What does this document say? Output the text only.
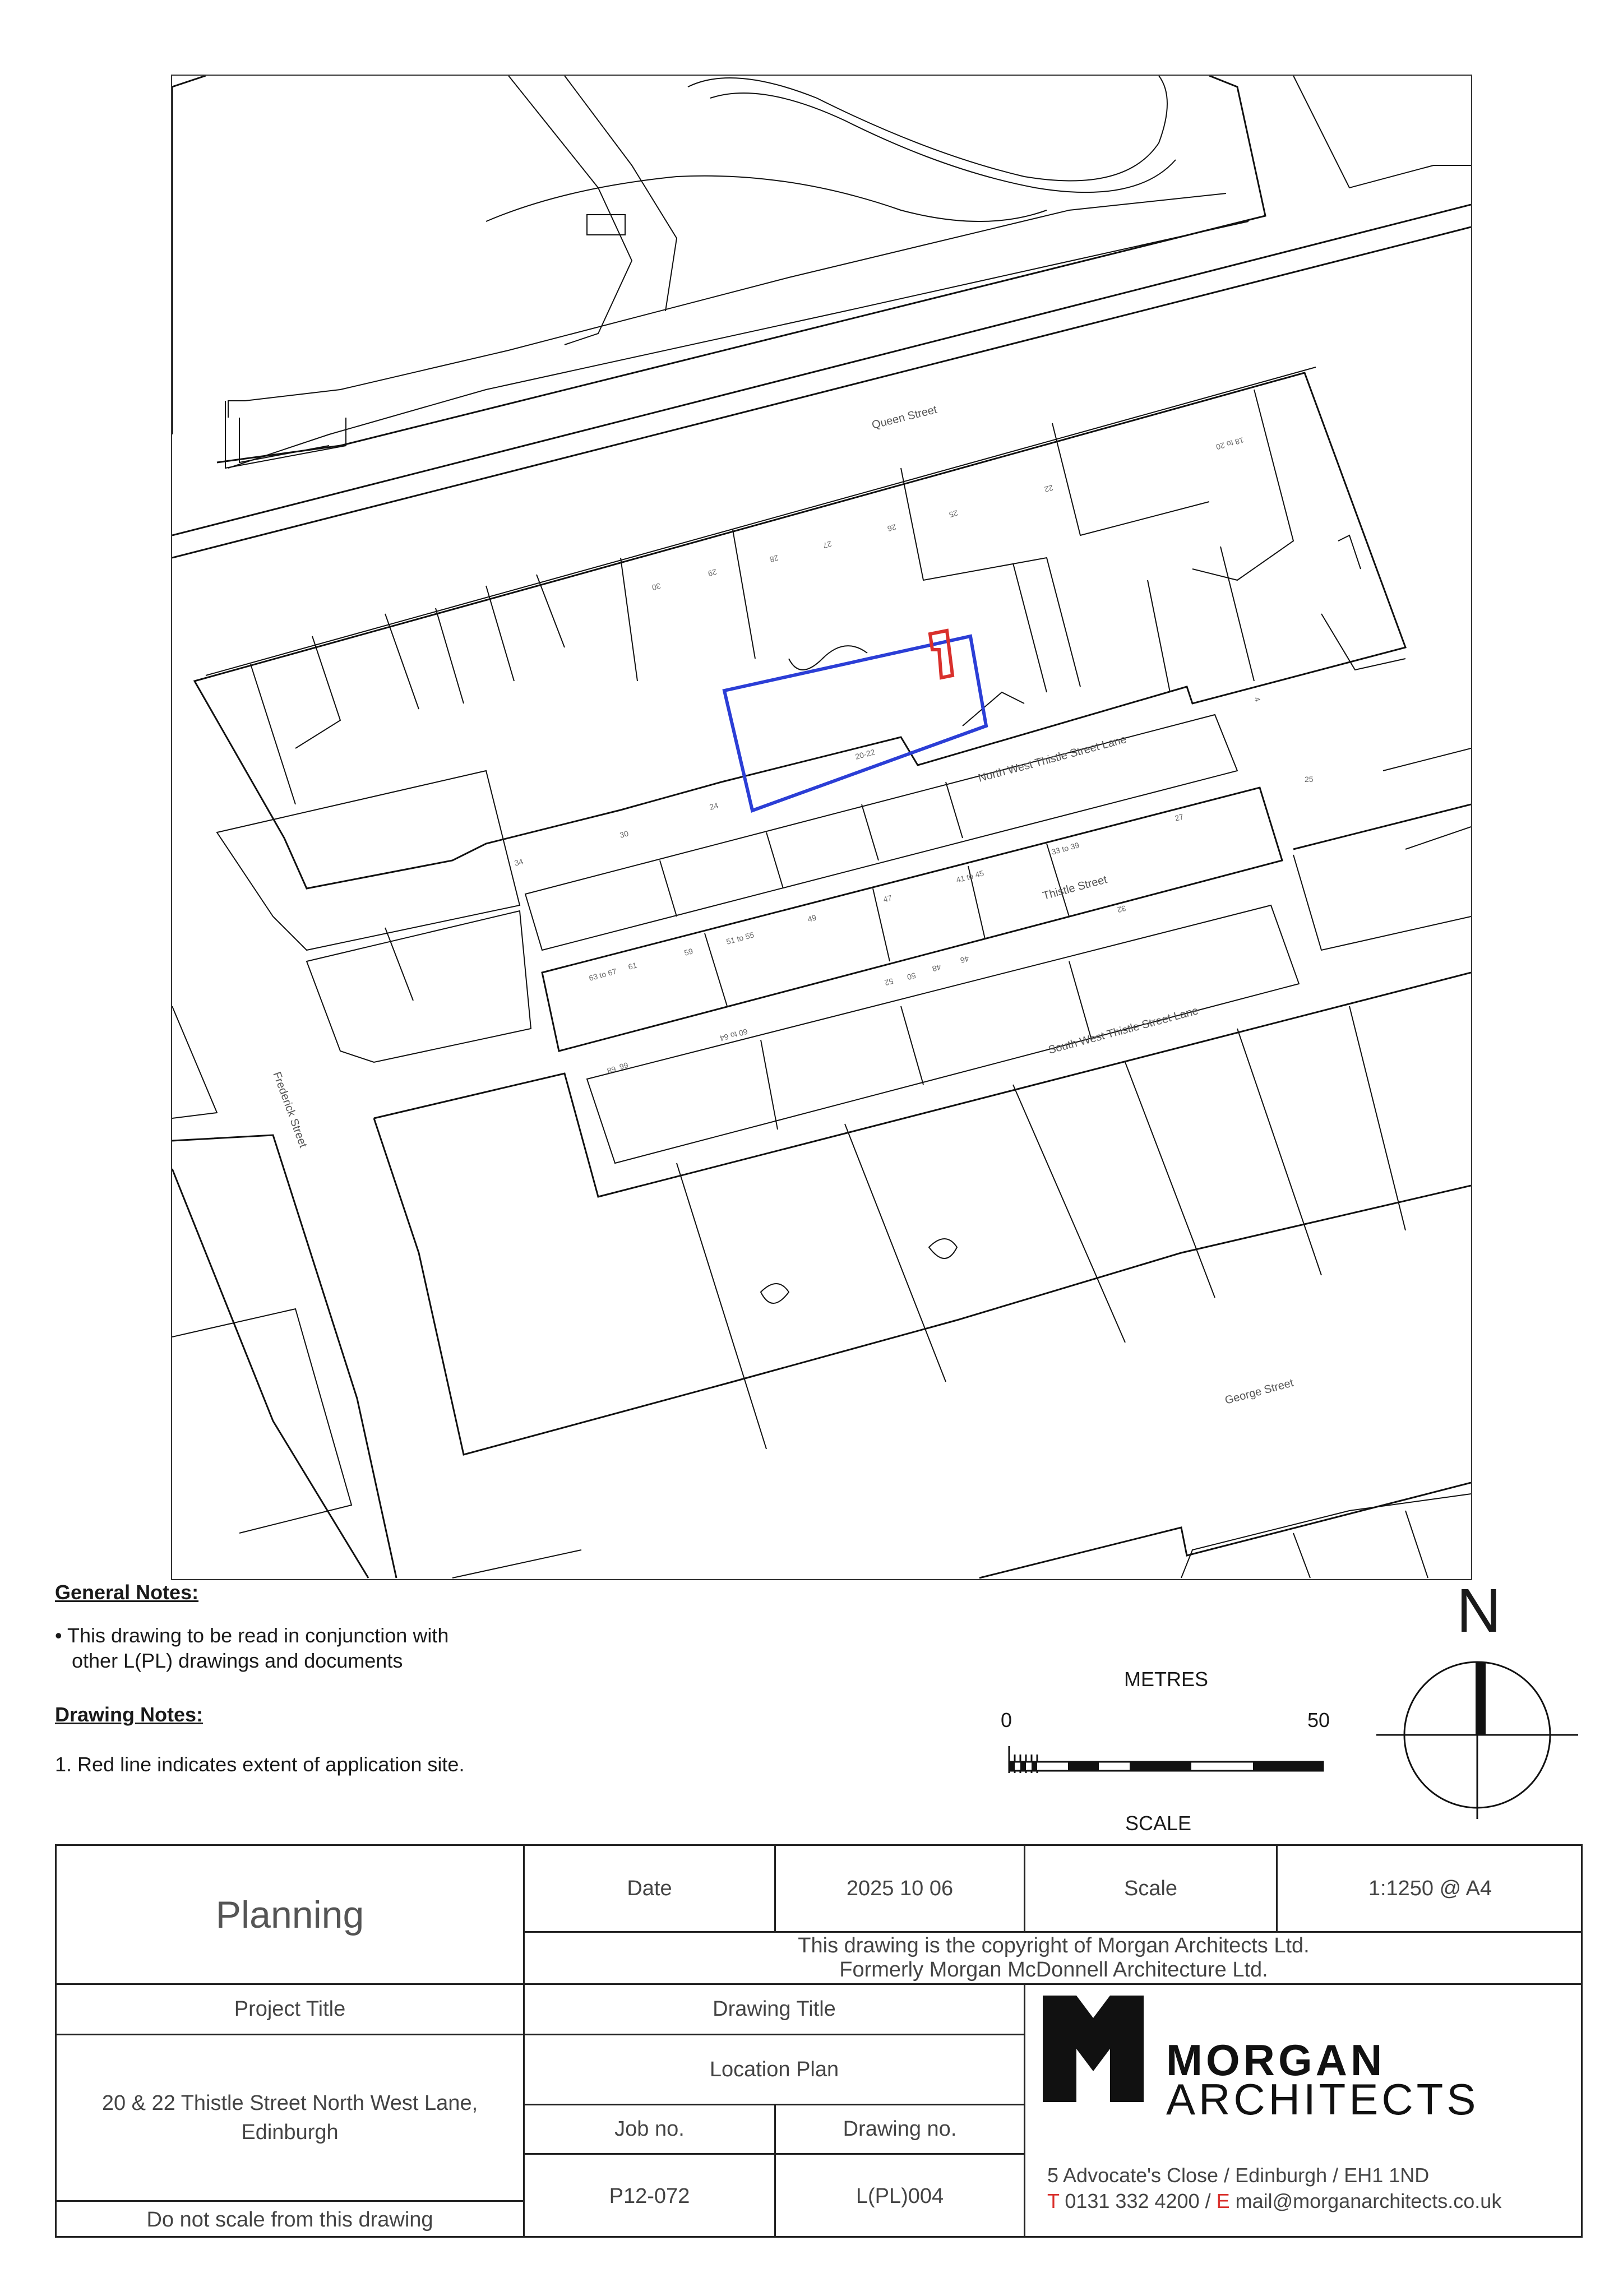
Queen Street
North West Thistle Street Lane
Thistle Street
South West Thistle Street Lane
Frederick Street
George Street
30
29
28
27
26
25
22
18 to 20
4
25
20-22
24
30
34
33 to 39
27
41 to 45
47
49
51 to 55
59
61
63 to 67
32
46
48
50
52
60 to 64
66
68
General Notes:
• This drawing to be read in conjunction with
other L(PL) drawings and documents
Drawing Notes:
1. Red line indicates extent of application site.
METRES
0	50
SCALE
N
Planning
Date	2025 10 06	Scale	1:1250 @ A4
This drawing is the copyright of Morgan Architects Ltd.
Formerly Morgan McDonnell Architecture Ltd.
Project Title	Drawing Title
20 & 22 Thistle Street North West Lane,
Edinburgh
Location Plan
Job no.	Drawing no.
P12-072	L(PL)004
Do not scale from this drawing
MORGAN
ARCHITECTS
5 Advocate's Close / Edinburgh / EH1 1ND
T 0131 332 4200 / E mail@morganarchitects.co.uk
